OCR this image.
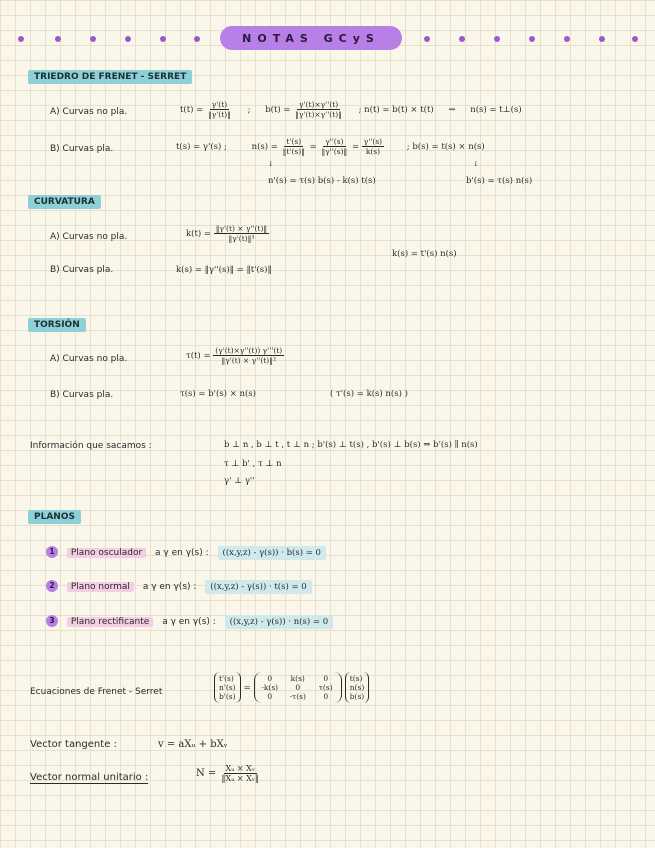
NOTAS GCyS
TRIEDRO DE FRENET - SERRET
A) Curvas no pla.	$t(t) = \frac{\gamma'(t)}{‖\gamma'(t)‖}$ ; $b(t) = \frac{\gamma'(t)\times\gamma''(t)}{‖\gamma'(t)\times\gamma''(t)‖}$ ; n(t) = b(t) × t(t) ⇝ n(s) = t⊥(s)
B) Curvas pla.	t(s) = γ'(s) ;	$n(s) = \frac{t'(s)}{‖t'(s)‖} = \frac{\gamma''(s)}{‖\gamma''(s)‖} = \frac{\gamma''(s)}{k(s)}$	; b(s) = t(s) × n(s)
↓	↓
n'(s) = τ(s) b(s) - k(s) t(s)	b'(s) = τ(s) n(s)
CURVATURA
A) Curvas no pla.	$k(t) = \frac{‖\gamma'(t) \times \gamma''(t)‖}{\text{‖γ'(t)‖³}}$
k(s) = t'(s) n(s)
B) Curvas pla.	k(s) = ‖γ''(s)‖ = ‖t'(s)‖
TORSIÓN
A) Curvas no pla.	$\tau(t) = \frac{(\gamma'(t)\times\gamma''(t)) \gamma'''(t)}{\text{‖γ'(t) × γ''(t)‖²}}$
B) Curvas pla.	τ(s) = b'(s) × n(s)	( τ'(s) = k(s) n(s) )
Información que sacamos :	b ⊥ n , b ⊥ t , t ⊥ n ; b'(s) ⊥ t(s) , b'(s) ⊥ b(s) ⇒ b'(s) ∥ n(s)
τ ⊥ b' , τ ⊥ n
γ' ⊥ γ''
PLANOS
1 Plano osculador a γ en γ(s) : ((x,y,z) - γ(s)) · b(s) = 0
2 Plano normal a γ en γ(s) : ((x,y,z) - γ(s)) · t(s) = 0
3 Plano rectificante a γ en γ(s) : ((x,y,z) - γ(s)) · n(s) = 0
Ecuaciones de Frenet - Serret
t'(s)
n'(s)
b'(s)
=
0	k(s)	0
-k(s)	0	τ(s)
0	-τ(s)	0
t(s)
n(s)
b(s)
Vector tangente :	v = aXᵤ + bXᵥ
Vector normal unitario :	$N = \frac{\text{Xᵤ × Xᵥ}}{\text{‖Xᵤ × Xᵥ‖}}$
